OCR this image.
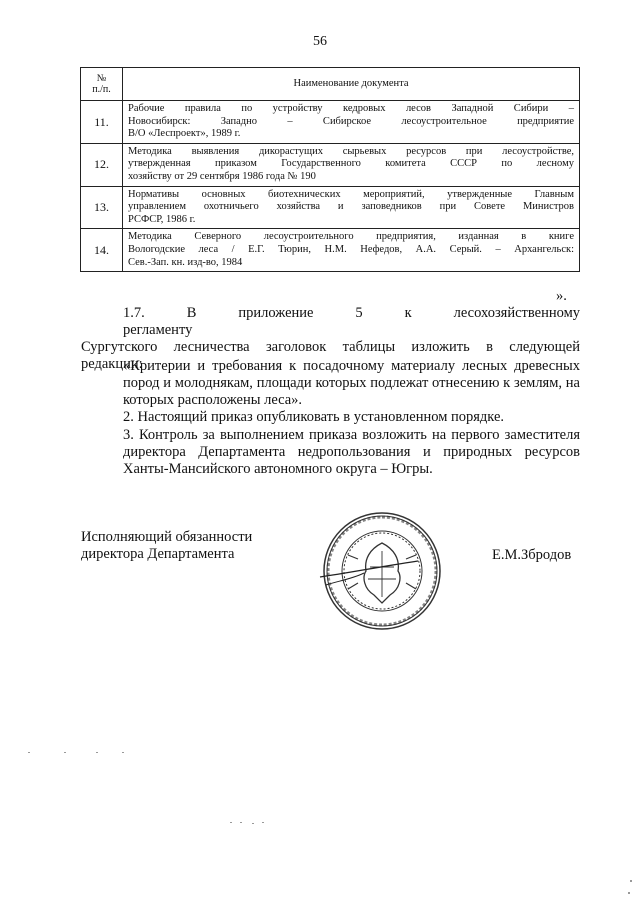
56
№
п./п.	Наименование документа
11.	Рабочие правила по устройству кедровых лесов Западной Сибири –
Новосибирск: Западно – Сибирское лесоустроительное предприятие
В/О «Леспроект», 1989 г.

12.	Методика выявления дикорастущих сырьевых ресурсов при лесоустройстве,
утвержденная приказом Государственного комитета СССР по лесному
хозяйству от 29 сентября 1986 года № 190

13.	Нормативы основных биотехнических мероприятий, утвержденные Главным
управлением охотничьего хозяйства и заповедников при Совете Министров
РСФСР, 1986 г.

14.	Методика Северного лесоустроительного предприятия, изданная в книге
Вологодские леса / Е.Г. Тюрин, Н.М. Нефедов, А.А. Серый. – Архангельск:
Сев.-Зап. кн. изд-во, 1984
».
1.7. В приложение 5 к лесохозяйственному регламенту
Сургутского лесничества заголовок таблицы изложить в следующей
редакции:
«Критерии и требования к посадочному материалу лесных древесных пород и молоднякам, площади которых подлежат отнесению к землям, на которых расположены леса».
2. Настоящий приказ опубликовать в установленном порядке.
3. Контроль за выполнением приказа возложить на первого заместителя директора Департамента недропользования и природных ресурсов Ханты-Мансийского автономного округа – Югры.
Исполняющий обязанности
директора Департамента	Е.М.Збродов
